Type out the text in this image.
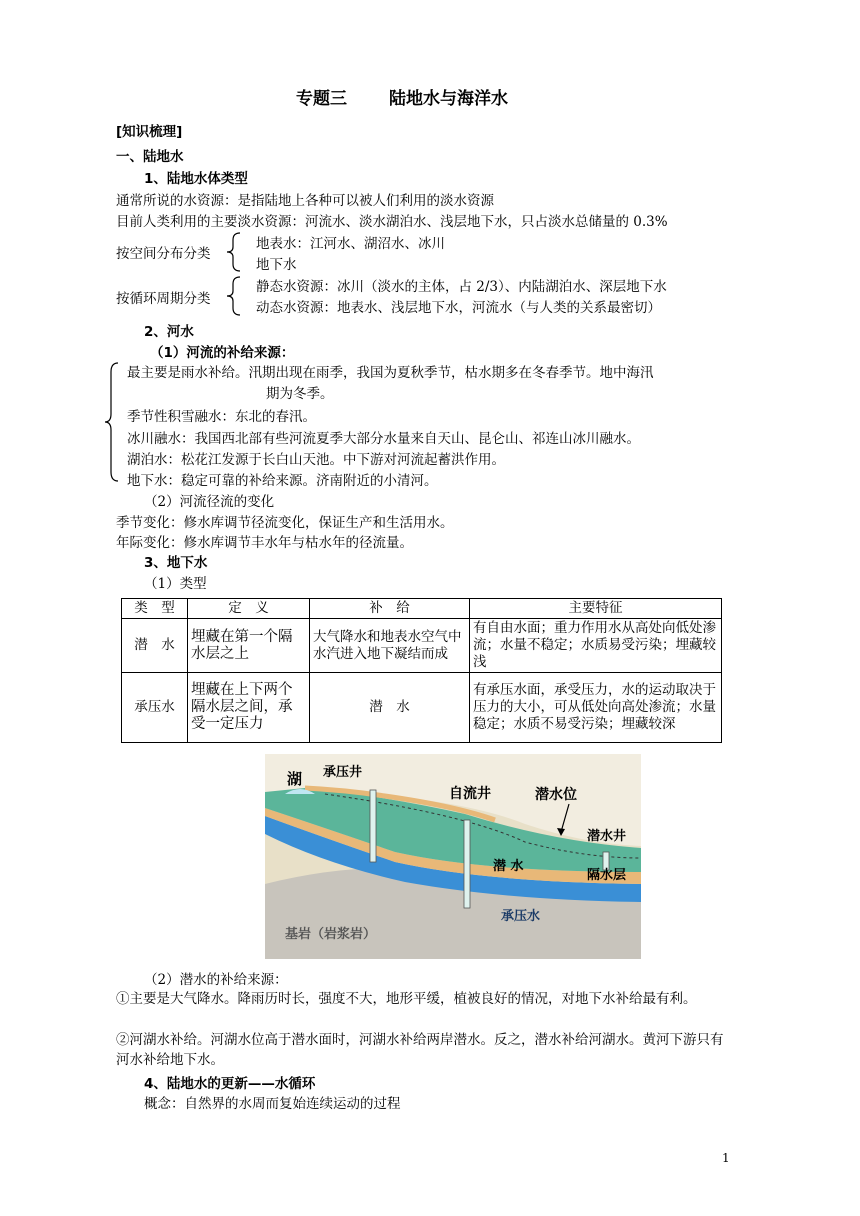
专题三 陆地水与海洋水
[知识梳理]
一、陆地水
1、陆地水体类型
通常所说的水资源：是指陆地上各种可以被人们利用的淡水资源
目前人类利用的主要淡水资源：河流水、淡水湖泊水、浅层地下水，只占淡水总储量的 0.3%
按空间分布分类
地表水：江河水、湖沼水、冰川
地下水
按循环周期分类
静态水资源：冰川（淡水的主体，占 2/3）、内陆湖泊水、深层地下水
动态水资源：地表水、浅层地下水，河流水（与人类的关系最密切）
2、河水
（1）河流的补给来源：
最主要是雨水补给。汛期出现在雨季，我国为夏秋季节，枯水期多在冬春季节。地中海汛
期为冬季。
季节性积雪融水：东北的春汛。
冰川融水：我国西北部有些河流夏季大部分水量来自天山、昆仑山、祁连山冰川融水。
湖泊水：松花江发源于长白山天池。中下游对河流起蓄洪作用。
地下水：稳定可靠的补给来源。济南附近的小清河。
（2）河流径流的变化
季节变化：修水库调节径流变化，保证生产和生活用水。
年际变化：修水库调节丰水年与枯水年的径流量。
3、地下水
（1）类型
类　型	定　义	补　给	主要特征
潜　水	埋藏在第一个隔水层之上	大气降水和地表水空气中水汽进入地下凝结而成	有自由水面；重力作用水从高处向低处渗流；水量不稳定；水质易受污染；埋藏较浅
承压水	埋藏在上下两个隔水层之间，承受一定压力	潜　水	有承压水面，承受压力，水的运动取决于压力的大小，可从低处向高处渗流；水量稳定；水质不易受污染；埋藏较深
湖 承压井
自流井	潜水位
潜水井
潜 水
隔水层
承压水
基岩（岩浆岩）
（2）潜水的补给来源：
①主要是大气降水。降雨历时长，强度不大，地形平缓，植被良好的情况，对地下水补给最有利。
②河湖水补给。河湖水位高于潜水面时，河湖水补给两岸潜水。反之，潜水补给河湖水。黄河下游只有河水补给地下水。
4、陆地水的更新——水循环
概念：自然界的水周而复始连续运动的过程
1
